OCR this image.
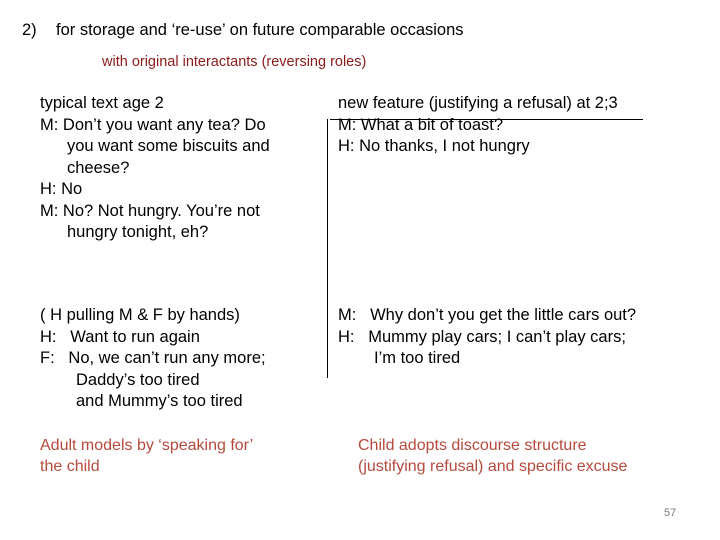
2) for storage and ‘re-use’ on future comparable occasions
with original interactants (reversing roles)
typical text age 2
M: Don’t you want any tea? Do
you want some biscuits and
cheese?
H: No
M: No? Not hungry. You’re not
hungry tonight, eh?
new feature (justifying a refusal) at 2;3
M: What a bit of toast?
H: No thanks, I not hungry
( H pulling M & F by hands)
H:   Want to run again
F:   No, we can’t run any more;
Daddy’s too tired
and Mummy’s too tired
M:   Why don’t you get the little cars out?
H:   Mummy play cars; I can’t play cars;
I’m too tired
Adult models by ‘speaking for’
the child
Child adopts discourse structure
(justifying refusal) and specific excuse
57
